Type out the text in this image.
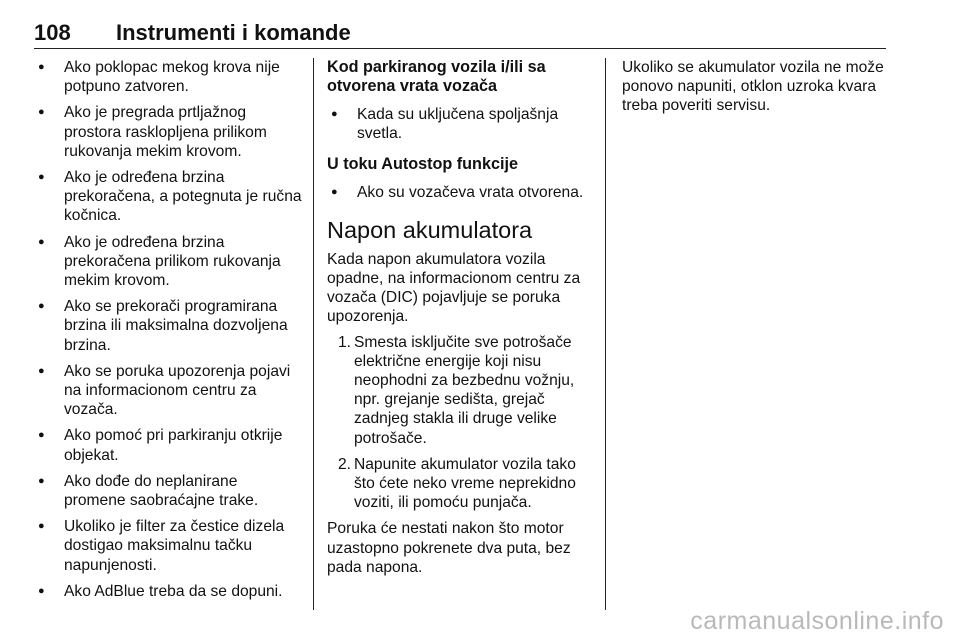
108 Instrumenti i komande
● Ako poklopac mekog krova nije potpuno zatvoren.
● Ako je pregrada prtljažnog prostora rasklopljena prilikom rukovanja mekim krovom.
● Ako je određena brzina prekoračena, a potegnuta je ručna kočnica.
● Ako je određena brzina prekoračena prilikom rukovanja mekim krovom.
● Ako se prekorači programirana brzina ili maksimalna dozvoljena brzina.
● Ako se poruka upozorenja pojavi na informacionom centru za vozača.
● Ako pomoć pri parkiranju otkrije objekat.
● Ako dođe do neplanirane promene saobraćajne trake.
● Ukoliko je filter za čestice dizela dostigao maksimalnu tačku napunjenosti.
● Ako AdBlue treba da se dopuni.
Kod parkiranog vozila i/ili sa otvorena vrata vozača
● Kada su uključena spoljašnja svetla.
U toku Autostop funkcije
● Ako su vozačeva vrata otvorena.
Napon akumulatora

Kada napon akumulatora vozila opadne, na informacionom centru za vozača (DIC) pojavljuje se poruka upozorenja.

1. Smesta isključite sve potrošače električne energije koji nisu neophodni za bezbednu vožnju, npr. grejanje sedišta, grejač zadnjeg stakla ili druge velike potrošače.
2. Napunite akumulator vozila tako što ćete neko vreme neprekidno voziti, ili pomoću punjača.

Poruka će nestati nakon što motor uzastopno pokrenete dva puta, bez pada napona.

Ukoliko se akumulator vozila ne može ponovo napuniti, otklon uzroka kvara treba poveriti servisu.

carmanualsonline.info
